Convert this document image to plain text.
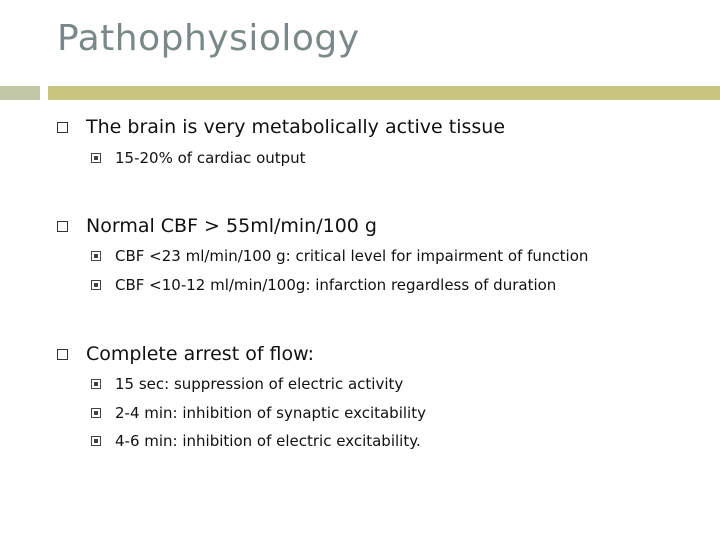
Pathophysiology
The brain is very metabolically active tissue
15-20% of cardiac output
Normal CBF > 55ml/min/100 g
CBF <23 ml/min/100 g: critical level for impairment of function
CBF <10-12 ml/min/100g: infarction regardless of duration
Complete arrest of flow:
15 sec: suppression of electric activity
2-4 min: inhibition of synaptic excitability
4-6 min: inhibition of electric excitability.
